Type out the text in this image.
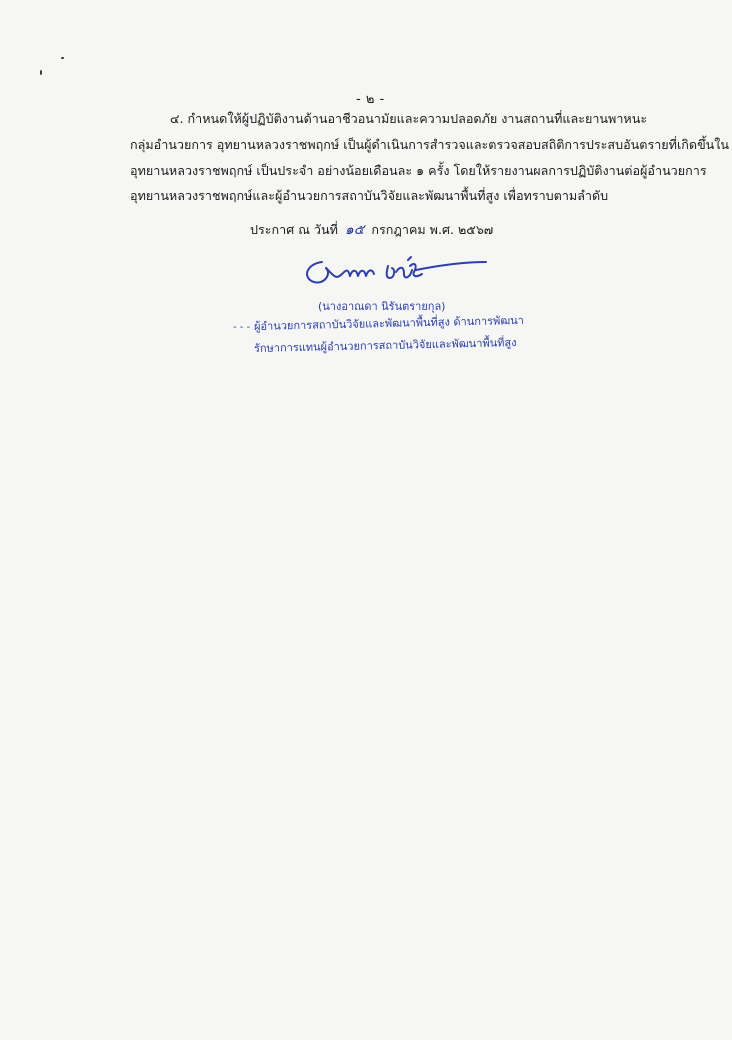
- ๒ -
๔. กำหนดให้ผู้ปฏิบัติงานด้านอาชีวอนามัยและความปลอดภัย งานสถานที่และยานพาหนะ
กลุ่มอำนวยการ อุทยานหลวงราชพฤกษ์ เป็นผู้ดำเนินการสำรวจและตรวจสอบสถิติการประสบอันตรายที่เกิดขึ้นใน
อุทยานหลวงราชพฤกษ์ เป็นประจำ อย่างน้อยเดือนละ ๑ ครั้ง โดยให้รายงานผลการปฏิบัติงานต่อผู้อำนวยการ
อุทยานหลวงราชพฤกษ์และผู้อำนวยการสถาบันวิจัยและพัฒนาพื้นที่สูง เพื่อทราบตามลำดับ
ประกาศ ณ วันที่ ๑๕ กรกฎาคม พ.ศ. ๒๕๖๗
(นางอาณดา นิรันตรายกุล)
- - - ผู้อำนวยการสถาบันวิจัยและพัฒนาพื้นที่สูง ด้านการพัฒนา
รักษาการแทนผู้อำนวยการสถาบันวิจัยและพัฒนาพื้นที่สูง
